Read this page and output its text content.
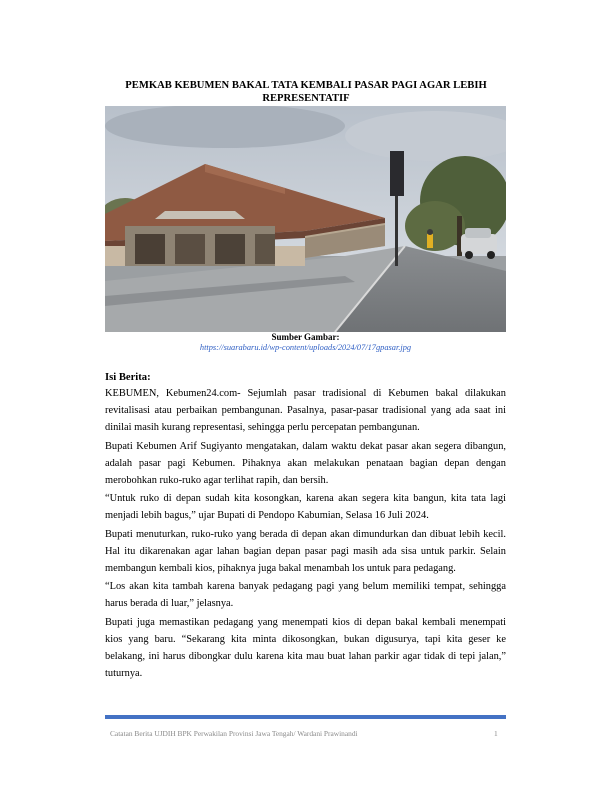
PEMKAB KEBUMEN BAKAL TATA KEMBALI PASAR PAGI AGAR LEBIH REPRESENTATIF
Sumber Gambar:
https://suarabaru.id/wp-content/uploads/2024/07/17gpasar.jpg
Isi Berita:

KEBUMEN, Kebumen24.com- Sejumlah pasar tradisional di Kebumen bakal dilakukan revitalisasi atau perbaikan pembangunan. Pasalnya, pasar-pasar tradisional yang ada saat ini dinilai masih kurang representasi, sehingga perlu percepatan pembangunan.

Bupati Kebumen Arif Sugiyanto mengatakan, dalam waktu dekat pasar akan segera dibangun, adalah pasar pagi Kebumen. Pihaknya akan melakukan penataan bagian depan dengan merobohkan ruko-ruko agar terlihat rapih, dan bersih.

“Untuk ruko di depan sudah kita kosongkan, karena akan segera kita bangun, kita tata lagi menjadi lebih bagus,” ujar Bupati di Pendopo Kabumian, Selasa 16 Juli 2024.

Bupati menuturkan, ruko-ruko yang berada di depan akan dimundurkan dan dibuat lebih kecil. Hal itu dikarenakan agar lahan bagian depan pasar pagi masih ada sisa untuk parkir. Selain membangun kembali kios, pihaknya juga bakal menambah los untuk para pedagang.

“Los akan kita tambah karena banyak pedagang pagi yang belum memiliki tempat, sehingga harus berada di luar,” jelasnya.

Bupati juga memastikan pedagang yang menempati kios di depan bakal kembali menempati kios yang baru. “Sekarang kita minta dikosongkan, bukan digusurya, tapi kita geser ke belakang, ini harus dibongkar dulu karena kita mau buat lahan parkir agar tidak di tepi jalan,” tuturnya.

Catatan Berita UJDIH BPK Perwakilan Provinsi Jawa Tengah/ Wardani Prawinandi	1
